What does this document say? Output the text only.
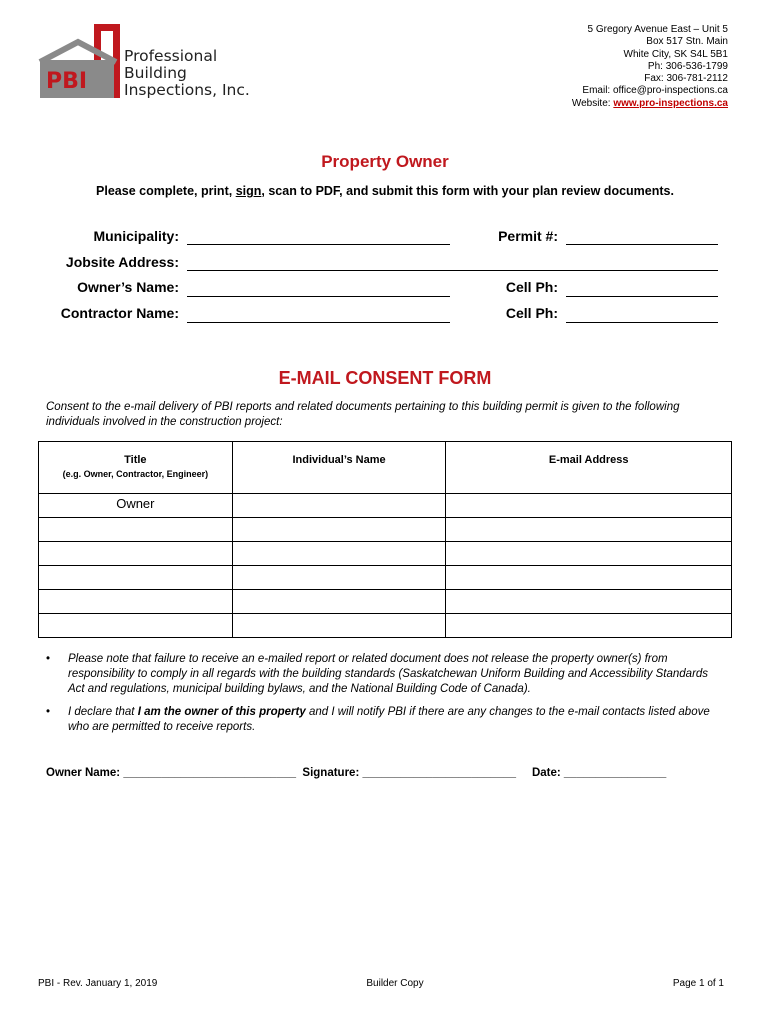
PBI
Professional
Building
Inspections, Inc.
5 Gregory Avenue East – Unit 5
Box 517 Stn. Main
White City, SK S4L 5B1
Ph: 306-536-1799
Fax: 306-781-2112
Email: office@pro-inspections.ca
Website: www.pro-inspections.ca
Property Owner
Please complete, print, sign, scan to PDF, and submit this form with your plan review documents.
Municipality:	Permit #:
Jobsite Address:
Owner’s Name:	Cell Ph:
Contractor Name:	Cell Ph:
E-MAIL CONSENT FORM
Consent to the e-mail delivery of PBI reports and related documents pertaining to this building permit is given to the following individuals involved in the construction project:
Title
(e.g. Owner, Contractor, Engineer)	Individual’s Name	E-mail Address
Owner		

• Please note that failure to receive an e-mailed report or related document does not release the property owner(s) from responsibility to comply in all regards with the building standards (Saskatchewan Uniform Building and Accessibility Standards Act and regulations, municipal building bylaws, and the National Building Code of Canada).
• I declare that I am the owner of this property and I will notify PBI if there are any changes to the e-mail contacts listed above who are permitted to receive reports.
Owner Name: ___________________________ Signature: ________________________ Date: ________________
PBI - Rev. January 1, 2019	Builder Copy	Page 1 of 1
